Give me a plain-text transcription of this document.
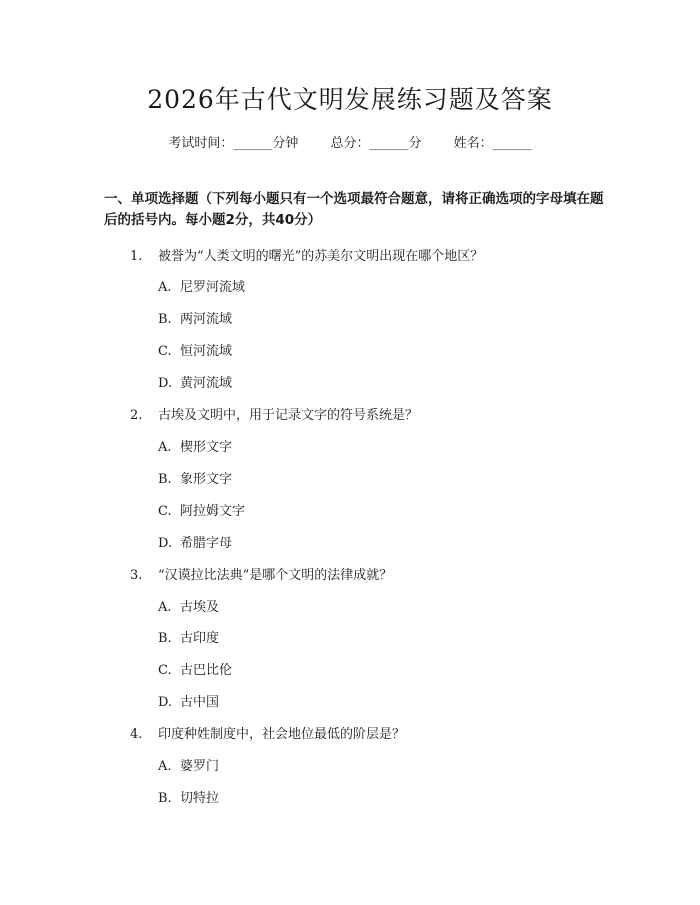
2026年古代文明发展练习题及答案
考试时间：______分钟 总分：______分 姓名：______
一、单项选择题（下列每小题只有一个选项最符合题意，请将正确选项的字母填在题后的括号内。每小题2分，共40分）
1. 被誉为“人类文明的曙光”的苏美尔文明出现在哪个地区？
A. 尼罗河流域
B. 两河流域
C. 恒河流域
D. 黄河流域
2. 古埃及文明中，用于记录文字的符号系统是？
A. 楔形文字
B. 象形文字
C. 阿拉姆文字
D. 希腊字母
3. “汉谟拉比法典”是哪个文明的法律成就？
A. 古埃及
B. 古印度
C. 古巴比伦
D. 古中国
4. 印度种姓制度中，社会地位最低的阶层是？
A. 婆罗门
B. 切特拉
